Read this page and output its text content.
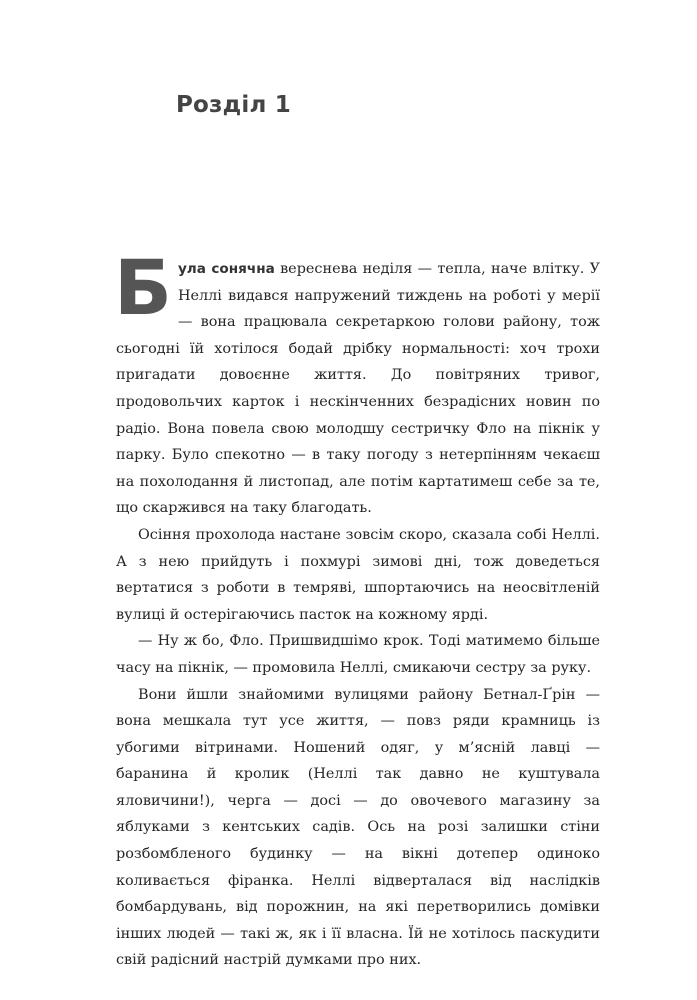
Розділ 1

Була сонячна вереснева неділя — тепла, наче влітку. У Неллі видався напружений тиждень на роботі у мерії — вона працювала секретаркою голови району, тож сьогодні їй хотілося бодай дрібку нормальності: хоч трохи пригадати довоєнне життя. До повітряних тривог, продовольчих карток і нескінченних безрадісних новин по радіо. Вона повела свою молодшу сестричку Фло на пікнік у парку. Було спекотно — в таку погоду з нетерпінням чекаєш на похолодання й листопад, але потім картатимеш себе за те, що скаржився на таку благодать.

Осіння прохолода настане зовсім скоро, сказала собі Неллі. А з нею прийдуть і похмурі зимові дні, тож доведеться вертатися з роботи в темряві, шпортаючись на неосвітленій вулиці й остерігаючись пасток на кожному ярді.

— Ну ж бо, Фло. Пришвидшімо крок. Тоді матимемо більше часу на пікнік, — промовила Неллі, смикаючи сестру за руку.

Вони йшли знайомими вулицями району Бетнал-Ґрін — вона мешкала тут усе життя, — повз ряди крамниць із убогими вітринами. Ношений одяг, у м’ясній лавці — баранина й кролик (Неллі так давно не куштувала яловичини!), черга — досі — до овочевого магазину за яблуками з кентських садів. Ось на розі залишки стіни розбомбленого будинку — на вікні дотепер одиноко коливається фіранка. Неллі відверталася від наслідків бомбардувань, від порожнин, на які перетворились домівки інших людей — такі ж, як і її власна. Їй не хотілось паскудити свій радісний настрій думками про них.
